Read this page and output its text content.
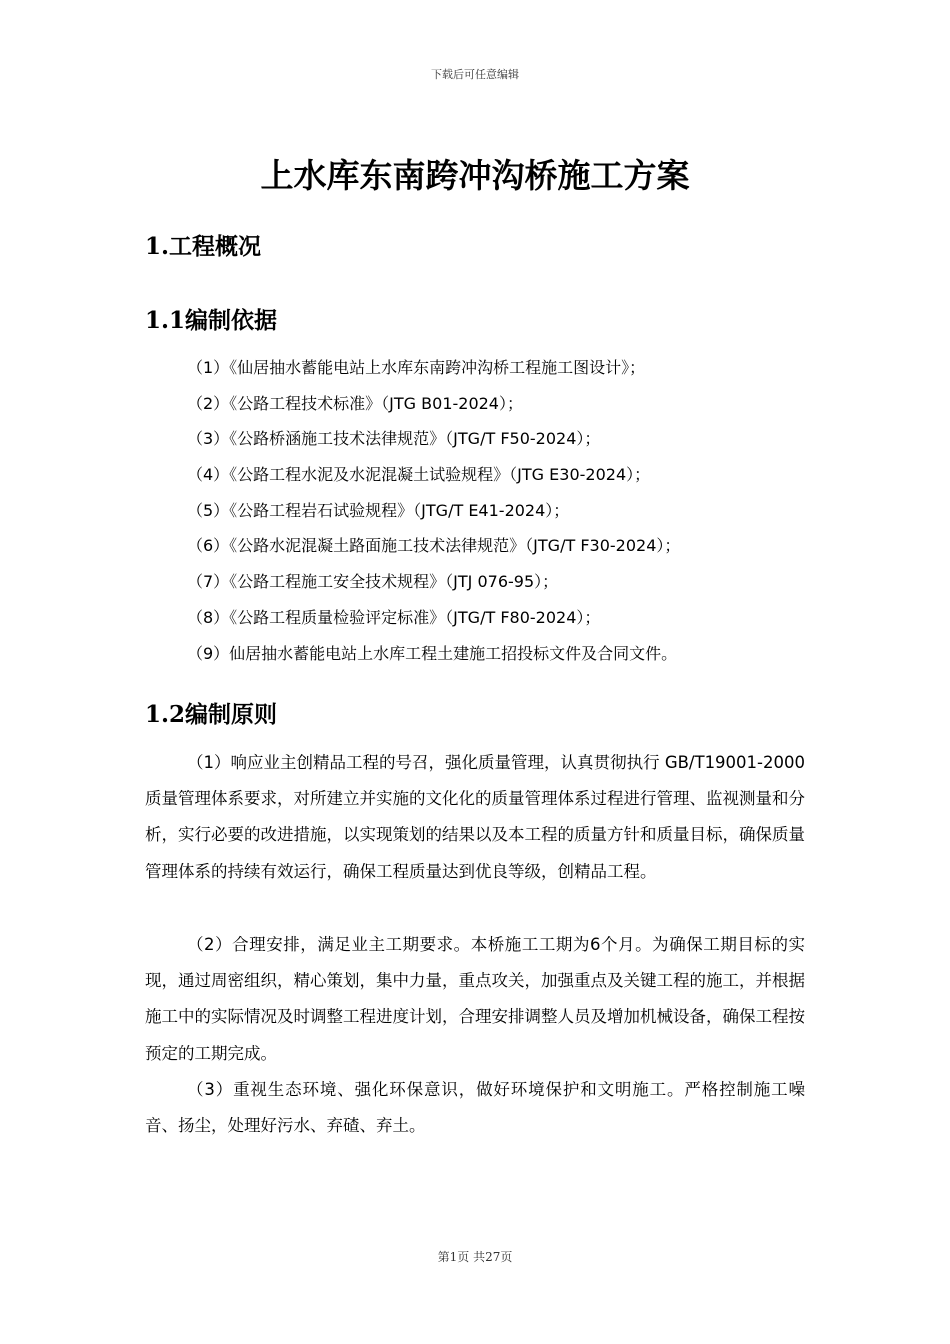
下载后可任意编辑
上水库东南跨冲沟桥施工方案
1.工程概况
1.1编制依据
（1）《仙居抽水蓄能电站上水库东南跨冲沟桥工程施工图设计》；
（2）《公路工程技术标准》（JTG B01-2024）；
（3）《公路桥涵施工技术法律规范》（JTG/T F50-2024）；
（4）《公路工程水泥及水泥混凝土试验规程》（JTG E30-2024）；
（5）《公路工程岩石试验规程》（JTG/T E41-2024）；
（6）《公路水泥混凝土路面施工技术法律规范》（JTG/T F30-2024）；
（7）《公路工程施工安全技术规程》（JTJ 076-95）；
（8）《公路工程质量检验评定标准》（JTG/T F80-2024）；
（9）仙居抽水蓄能电站上水库工程土建施工招投标文件及合同文件。
1.2编制原则

（1）响应业主创精品工程的号召，强化质量管理，认真贯彻执行 GB/T19001-2000质量管理体系要求，对所建立并实施的文化化的质量管理体系过程进行管理、监视测量和分析，实行必要的改进措施，以实现策划的结果以及本工程的质量方针和质量目标，确保质量管理体系的持续有效运行，确保工程质量达到优良等级，创精品工程。

（2）合理安排，满足业主工期要求。本桥施工工期为6个月。为确保工期目标的实现，通过周密组织，精心策划，集中力量，重点攻关，加强重点及关键工程的施工，并根据施工中的实际情况及时调整工程进度计划，合理安排调整人员及增加机械设备，确保工程按预定的工期完成。

（3）重视生态环境、强化环保意识，做好环境保护和文明施工。严格控制施工噪音、扬尘，处理好污水、弃碴、弃土。

第1页 共27页
